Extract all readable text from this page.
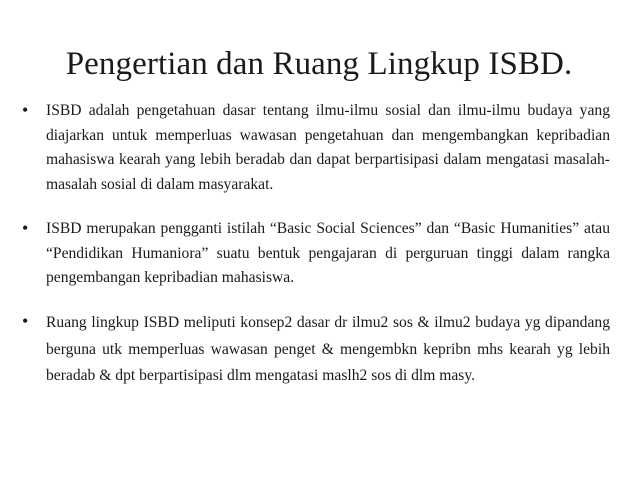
Pengertian dan Ruang Lingkup ISBD.
• ISBD adalah pengetahuan dasar tentang ilmu-ilmu sosial dan ilmu-ilmu budaya yang diajarkan untuk memperluas wawasan pengetahuan dan mengembangkan kepribadian mahasiswa kearah yang lebih beradab dan dapat berpartisipasi dalam mengatasi masalah-masalah sosial di dalam masyarakat.

• ISBD merupakan pengganti istilah “Basic Social Sciences” dan “Basic Humanities” atau “Pendidikan Humaniora” suatu bentuk pengajaran di perguruan tinggi dalam rangka pengembangan kepribadian mahasiswa.

• Ruang lingkup ISBD meliputi konsep2 dasar dr ilmu2 sos & ilmu2 budaya yg dipandang berguna utk memperluas wawasan penget & mengembkn kepribn mhs kearah yg lebih beradab & dpt berpartisipasi dlm mengatasi maslh2 sos di dlm masy.
